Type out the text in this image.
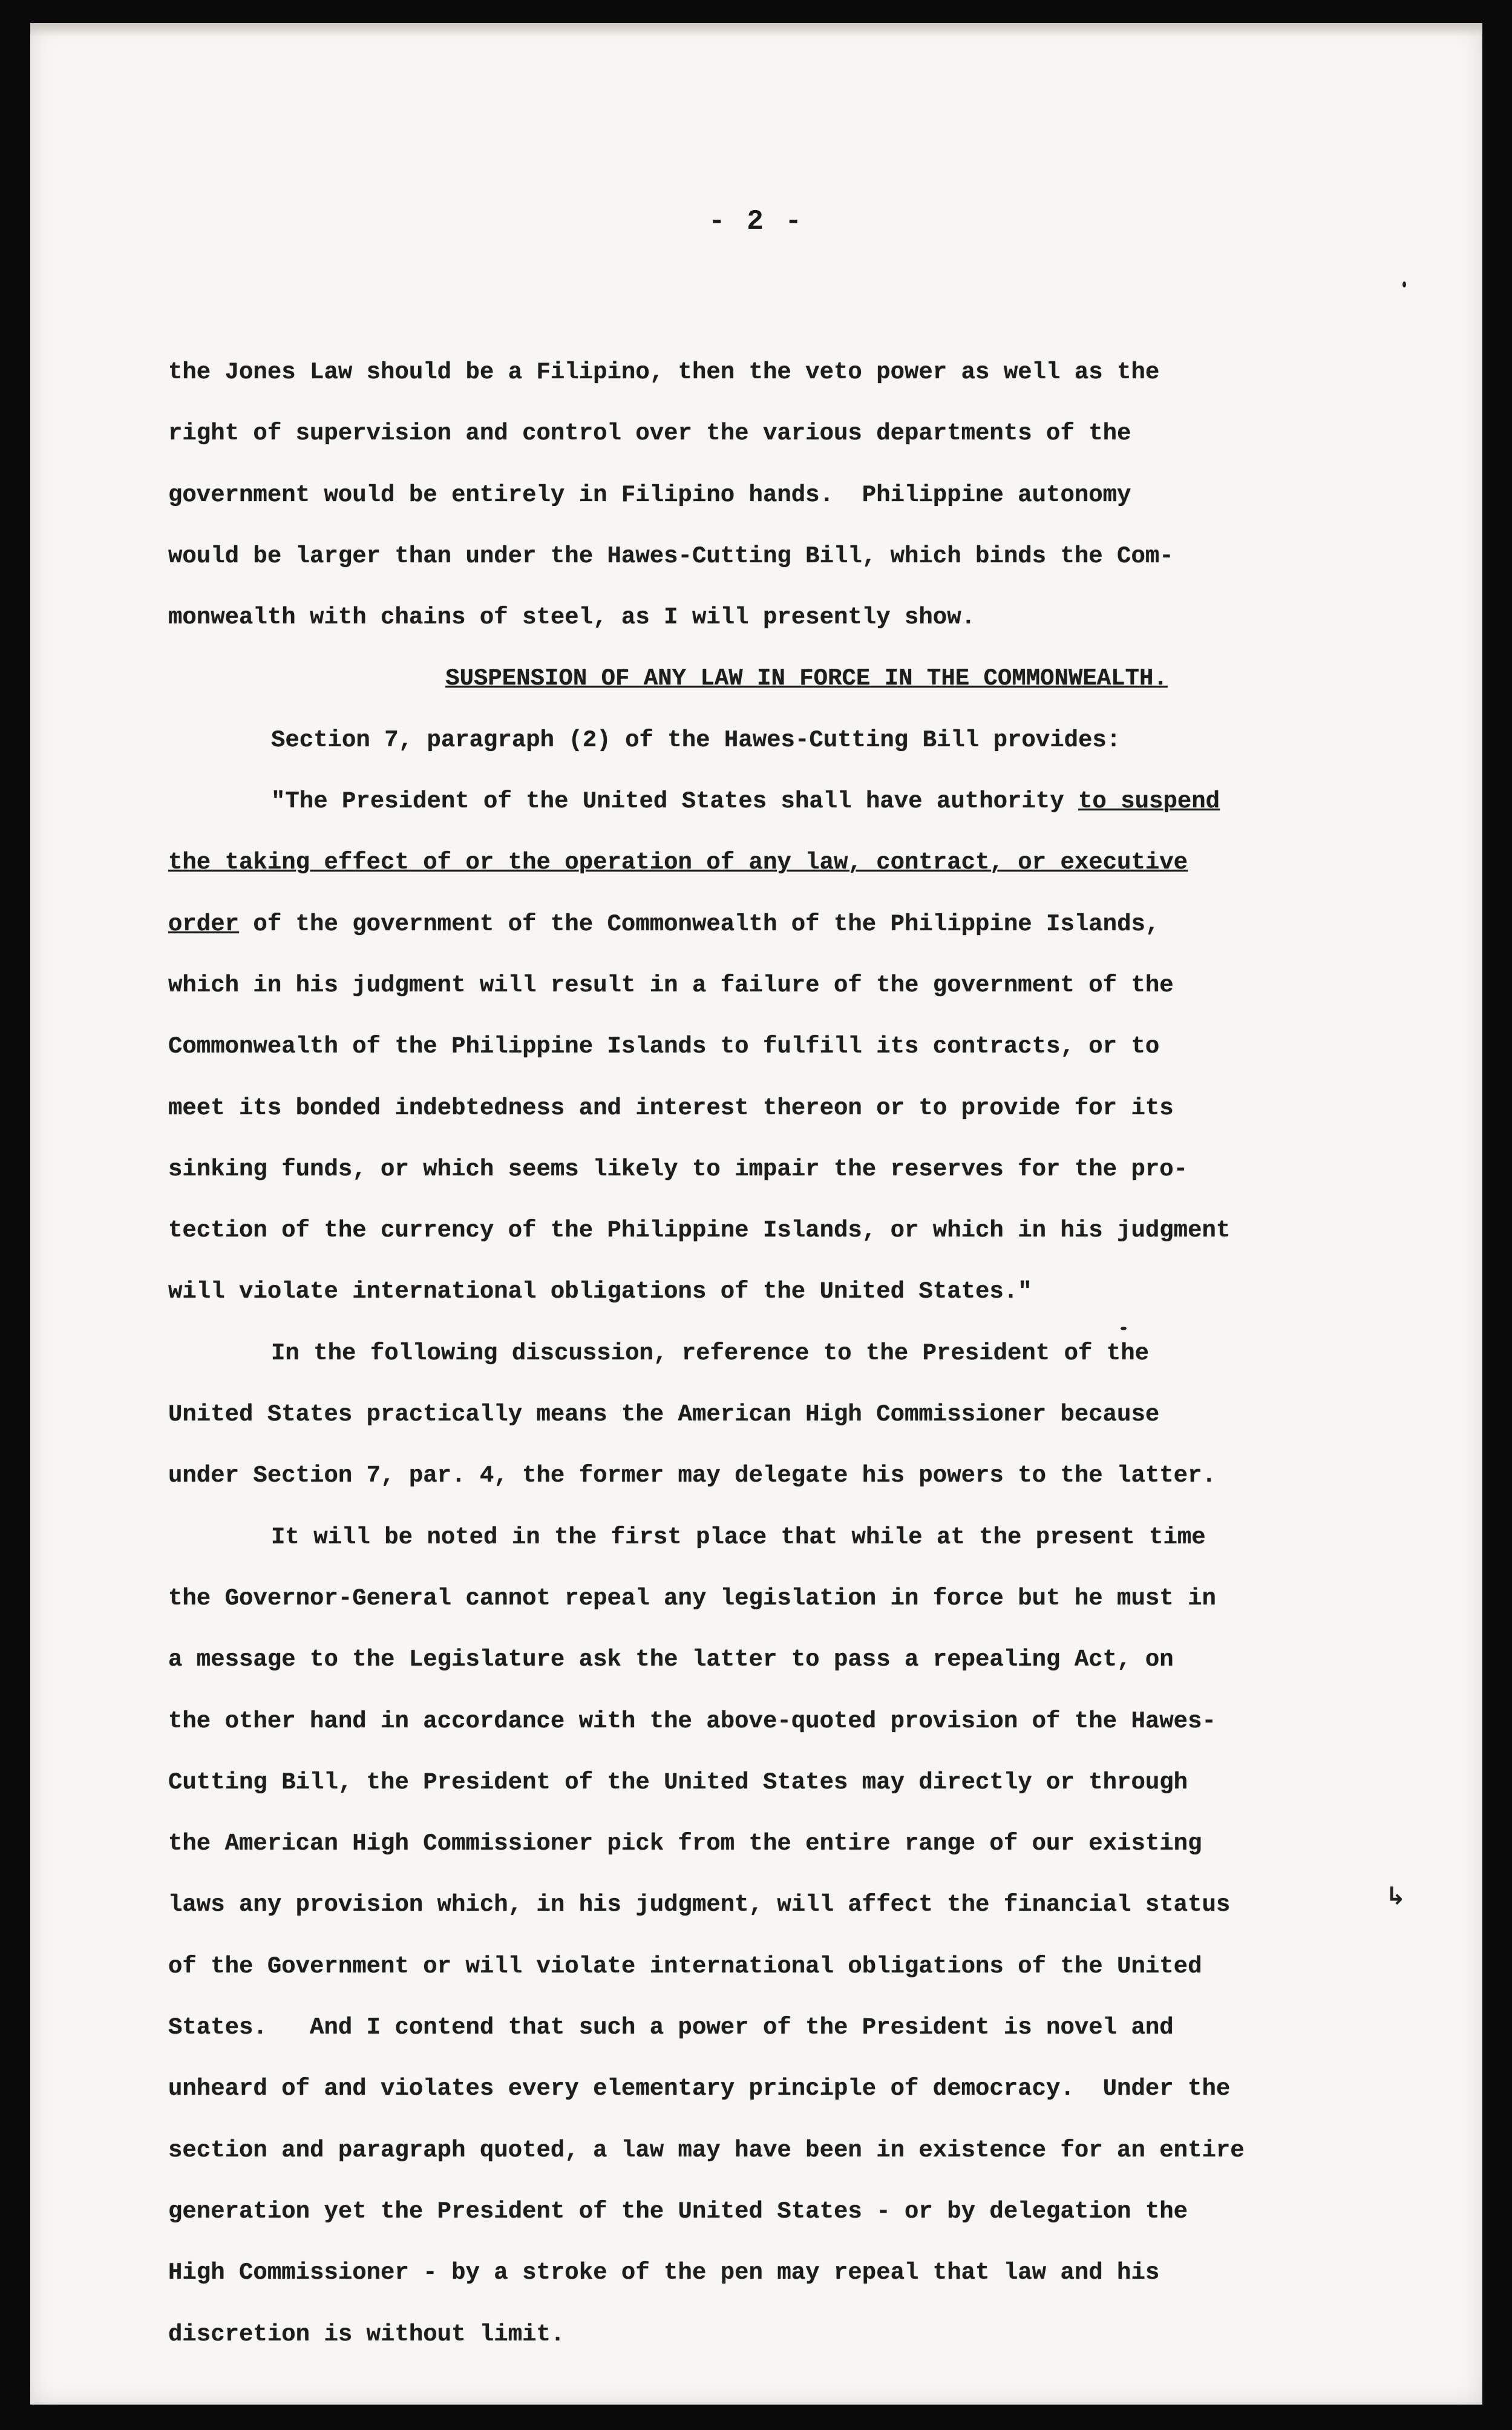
- 2 -
the Jones Law should be a Filipino, then the veto power as well as the
right of supervision and control over the various departments of the
government would be entirely in Filipino hands.  Philippine autonomy
would be larger than under the Hawes-Cutting Bill, which binds the Com-
monwealth with chains of steel, as I will presently show.
SUSPENSION OF ANY LAW IN FORCE IN THE COMMONWEALTH.
Section 7, paragraph (2) of the Hawes-Cutting Bill provides:
"The President of the United States shall have authority to suspend
the taking effect of or the operation of any law, contract, or executive
order of the government of the Commonwealth of the Philippine Islands,
which in his judgment will result in a failure of the government of the
Commonwealth of the Philippine Islands to fulfill its contracts, or to
meet its bonded indebtedness and interest thereon or to provide for its
sinking funds, or which seems likely to impair the reserves for the pro-
tection of the currency of the Philippine Islands, or which in his judgment
will violate international obligations of the United States."
In the following discussion, reference to the President of the
United States practically means the American High Commissioner because
under Section 7, par. 4, the former may delegate his powers to the latter.
It will be noted in the first place that while at the present time
the Governor-General cannot repeal any legislation in force but he must in
a message to the Legislature ask the latter to pass a repealing Act, on
the other hand in accordance with the above-quoted provision of the Hawes-
Cutting Bill, the President of the United States may directly or through
the American High Commissioner pick from the entire range of our existing
laws any provision which, in his judgment, will affect the financial status
of the Government or will violate international obligations of the United
States.   And I contend that such a power of the President is novel and
unheard of and violates every elementary principle of democracy.  Under the
section and paragraph quoted, a law may have been in existence for an entire
generation yet the President of the United States - or by delegation the
High Commissioner - by a stroke of the pen may repeal that law and his
discretion is without limit.
↳
